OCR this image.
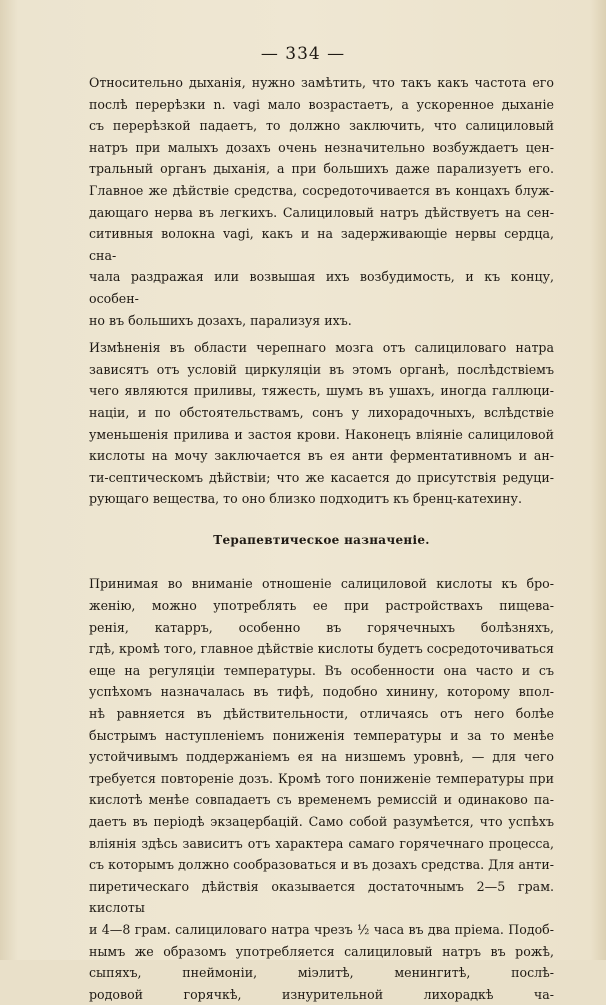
— 334 —

Относительно дыханія, нужно замѣтить, что такъ какъ частота его
послѣ перерѣзки n. vagi мало возрастаетъ, а ускоренное дыханіе
съ перерѣзкой падаетъ, то должно заключить, что салициловый
натръ при малыхъ дозахъ очень незначительно возбуждаетъ цен-
тральный органъ дыханія, а при большихъ даже парализуетъ его.
Главное же дѣйствіе средства, сосредоточивается въ концахъ блуж-
дающаго нерва въ легкихъ. Салициловый натръ дѣйствуетъ на сен-
ситивныя волокна vagi, какъ и на задерживающіе нервы сердца, сна-
чала раздражая или возвышая ихъ возбудимость, и къ концу, особен-
но въ большихъ дозахъ, парализуя ихъ.

Измѣненія въ области черепнаго мозга отъ салициловаго натра
зависятъ отъ условій циркуляціи въ этомъ органѣ, послѣдствіемъ
чего являются приливы, тяжесть, шумъ въ ушахъ, иногда галлюци-
націи, и по обстоятельствамъ, сонъ у лихорадочныхъ, вслѣдствіе
уменьшенія прилива и застоя крови. Наконецъ вліяніе салициловой
кислоты на мочу заключается въ ея анти ферментативномъ и ан-
ти-септическомъ дѣйствіи; что же касается до присутствія редуци-
рующаго вещества, то оно близко подходитъ къ бренц-катехину.

Терапевтическое назначеніе.

Принимая во вниманіе отношеніе салициловой кислоты къ бро-
женію, можно употреблять ее при растройствахъ пищева-
ренія, катарръ, особенно въ горячечныхъ болѣзняхъ,
гдѣ, кромѣ того, главное дѣйствіе кислоты будетъ сосредоточиваться
еще на регуляціи температуры. Въ особенности она часто и съ
успѣхомъ назначалась въ тифѣ, подобно хинину, которому впол-
нѣ равняется въ дѣйствительности, отличаясь отъ него болѣе
быстрымъ наступленіемъ пониженія температуры и за то менѣе
устойчивымъ поддержаніемъ ея на низшемъ уровнѣ, — для чего
требуется повтореніе дозъ. Кромѣ того пониженіе температуры при
кислотѣ менѣе совпадаетъ съ временемъ ремиссій и одинаково па-
даетъ въ періодѣ экзацербацій. Само собой разумѣется, что успѣхъ
вліянія здѣсь зависитъ отъ характера самаго горячечнаго процесса,
съ которымъ должно сообразоваться и въ дозахъ средства. Для анти-
пиретическаго дѣйствія оказывается достаточнымъ 2—5 грам. кислоты
и 4—8 грам. салициловаго натра чрезъ ½ часа въ два пріема. Подоб-
нымъ же образомъ употребляется салициловый натръ въ рожѣ,
сыпяхъ, пнеймоніи, міэлитѣ, менингитѣ, послѣ-
родовой горячкѣ, изнурительной лихорадкѣ ча-
